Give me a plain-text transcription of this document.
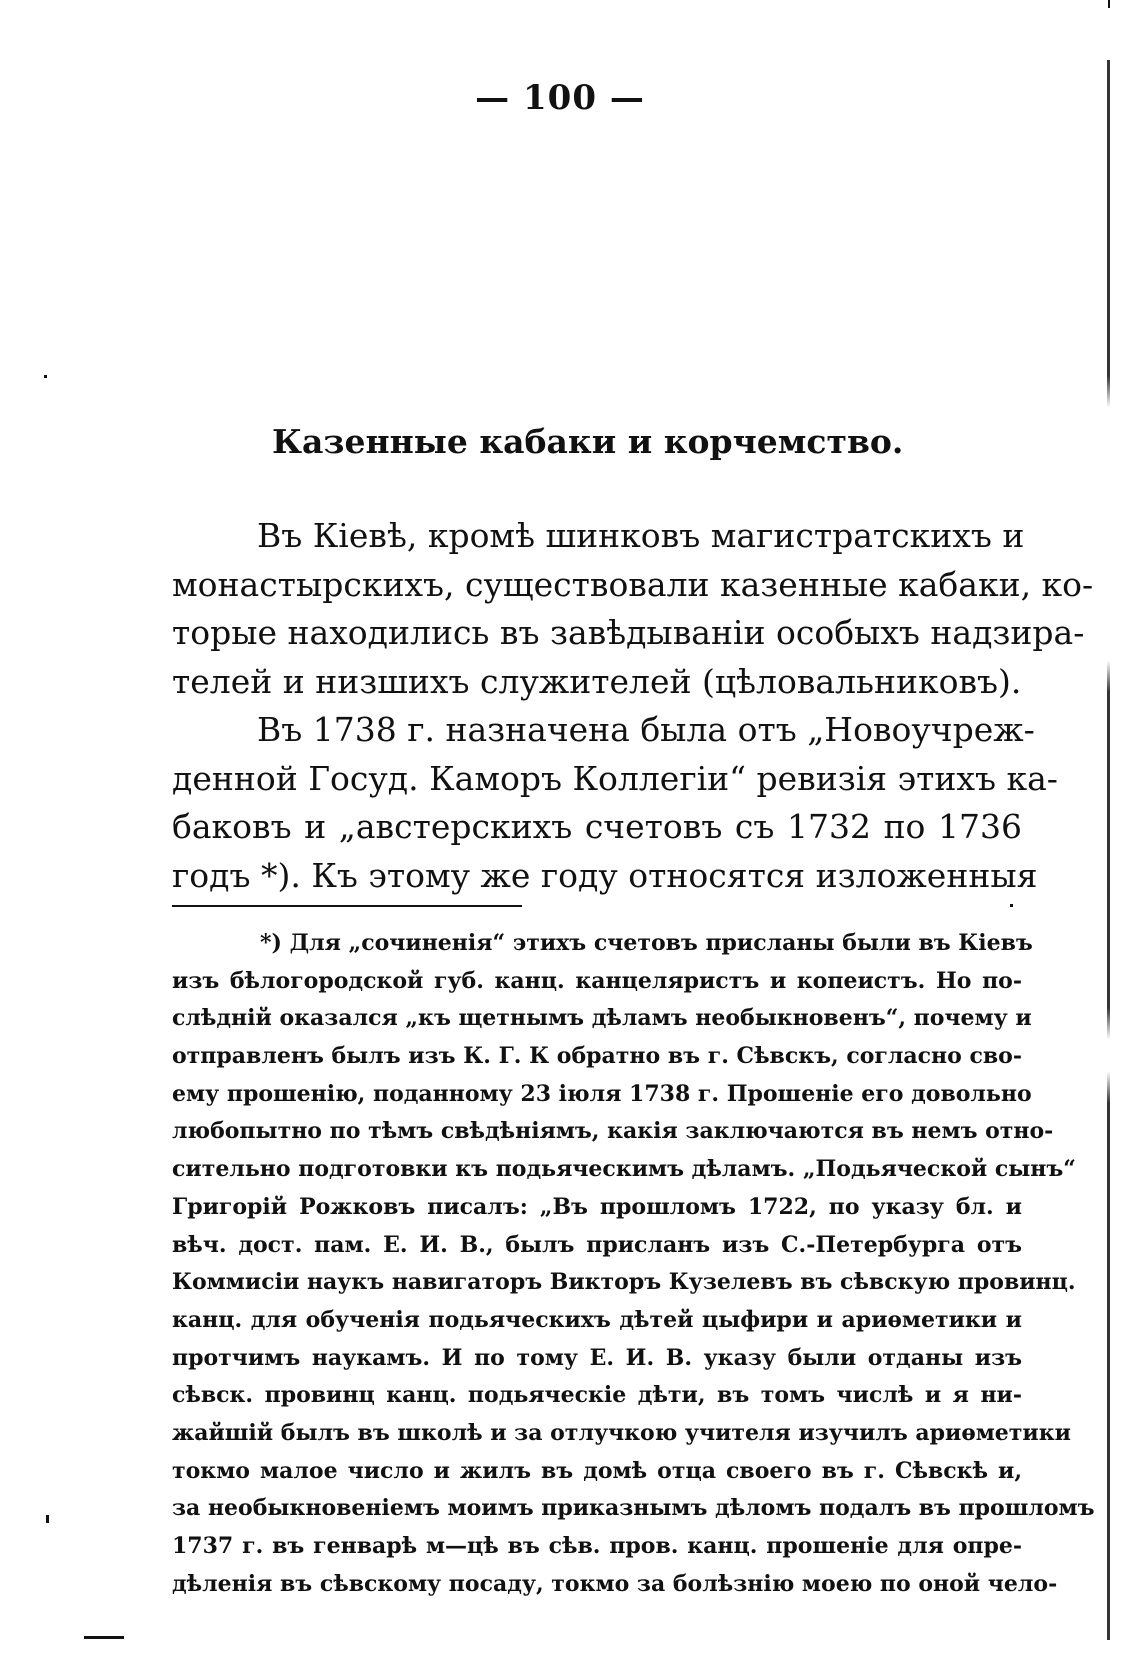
— 100 —
Казенные кабаки и корчемство.
Въ Кіевѣ, кромѣ шинковъ магистратскихъ и
монастырскихъ, существовали казенные кабаки, ко-
торые находились въ завѣдываніи особыхъ надзира-
телей и низшихъ служителей (цѣловальниковъ).
Въ 1738 г. назначена была отъ „Новоучреж-
денной Госуд. Каморъ Коллегіи“ ревизія этихъ ка-
баковъ и „австерскихъ счетовъ съ 1732 по 1736
годъ *). Къ этому же году относятся изложенныя
*) Для „сочиненія“ этихъ счетовъ присланы были въ Кіевъ
изъ бѣлогородской губ. канц. канцеляристъ и копеистъ. Но по-
слѣдній оказался „къ щетнымъ дѣламъ необыкновенъ“, почему и
отправленъ былъ изъ К. Г. К обратно въ г. Сѣвскъ, согласно сво-
ему прошенію, поданному 23 іюля 1738 г. Прошеніе его довольно
любопытно по тѣмъ свѣдѣніямъ, какія заключаются въ немъ отно-
сительно подготовки къ подьяческимъ дѣламъ. „Подьяческой сынъ“
Григорій Рожковъ писалъ: „Въ прошломъ 1722, по указу бл. и
вѣч. дост. пам. Е. И. В., былъ присланъ изъ С.-Петербурга отъ
Коммисіи наукъ навигаторъ Викторъ Кузелевъ въ сѣвскую провинц.
канц. для обученія подьяческихъ дѣтей цыфири и ариѳметики и
протчимъ наукамъ. И по тому Е. И. В. указу были отданы изъ
сѣвск. провинц канц. подьяческіе дѣти, въ томъ числѣ и я ни-
жайшій былъ въ школѣ и за отлучкою учителя изучилъ ариѳметики
токмо малое число и жилъ въ домѣ отца своего въ г. Сѣвскѣ и,
за необыкновеніемъ моимъ приказнымъ дѣломъ подалъ въ прошломъ
1737 г. въ генварѣ м—цѣ въ сѣв. пров. канц. прошеніе для опре-
дѣленія въ сѣвскому посаду, токмо за болѣзнію моею по оной чело-
